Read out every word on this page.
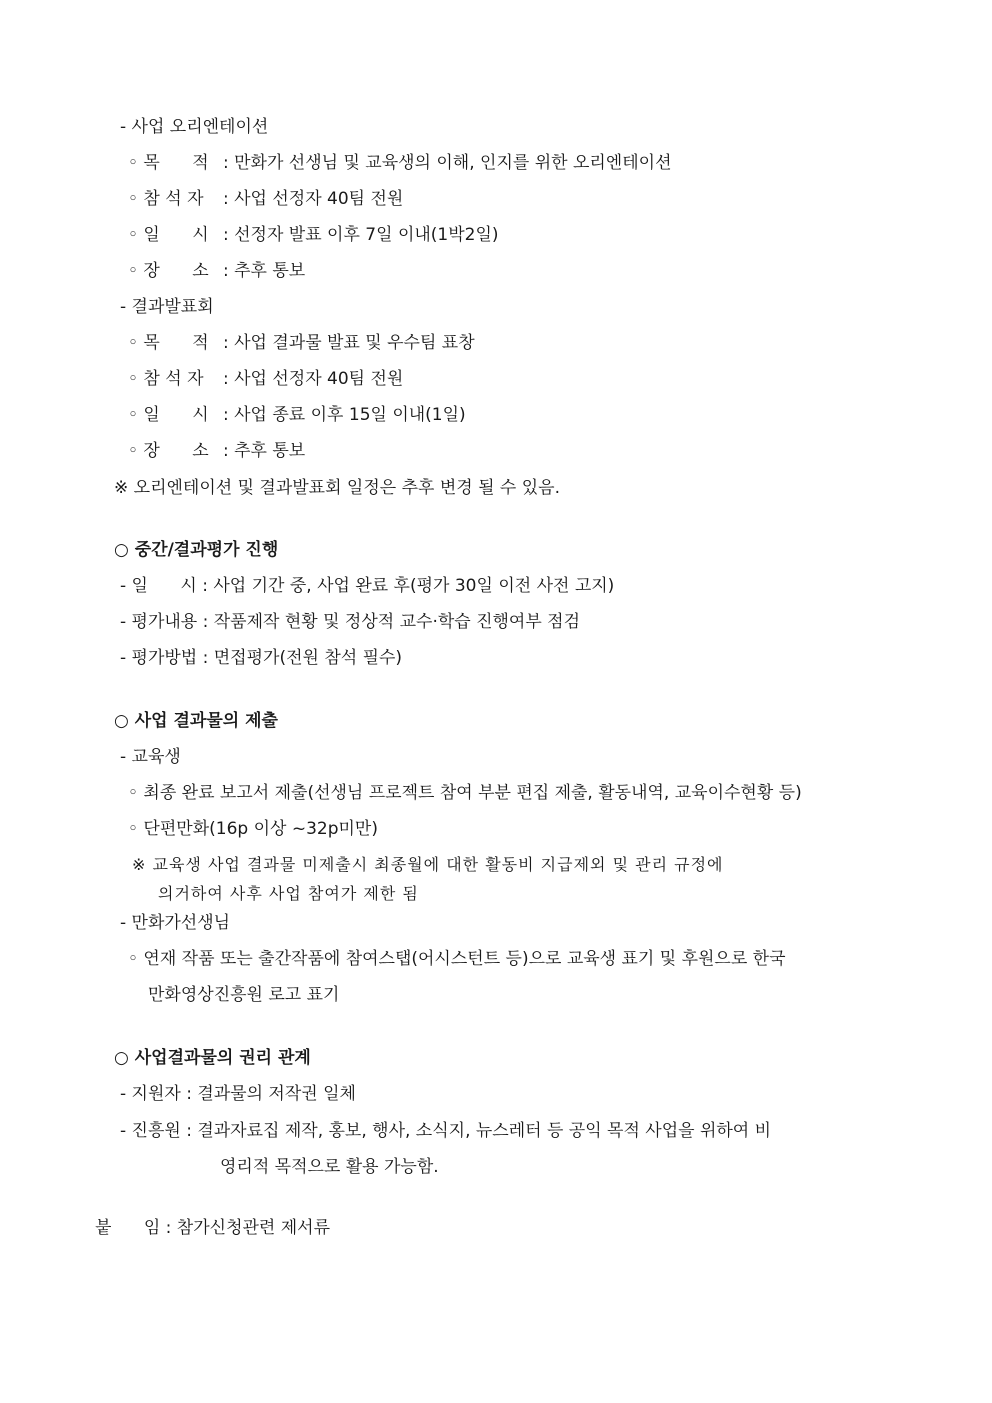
- 사업 오리엔테이션
◦ 목      적 : 만화가 선생님 및 교육생의 이해, 인지를 위한 오리엔테이션
◦ 참 석 자 : 사업 선정자 40팀 전원
◦ 일      시 : 선정자 발표 이후 7일 이내(1박2일)
◦ 장      소 : 추후 통보
- 결과발표회
◦ 목      적 : 사업 결과물 발표 및 우수팀 표창
◦ 참 석 자 : 사업 선정자 40팀 전원
◦ 일      시 : 사업 종료 이후 15일 이내(1일)
◦ 장      소 : 추후 통보
※ 오리엔테이션 및 결과발표회 일정은 추후 변경 될 수 있음.
○ 중간/결과평가 진행
- 일      시 : 사업 기간 중, 사업 완료 후(평가 30일 이전 사전 고지)
- 평가내용 : 작품제작 현황 및 정상적 교수·학습 진행여부 점검
- 평가방법 : 면접평가(전원 참석 필수)
○ 사업 결과물의 제출
- 교육생
◦ 최종 완료 보고서 제출(선생님 프로젝트 참여 부분 편집 제출, 활동내역, 교육이수현황 등)
◦ 단편만화(16p 이상 ~32p미만)
※ 교육생 사업 결과물 미제출시 최종월에 대한 활동비 지급제외 및 관리 규정에
의거하여 사후 사업 참여가 제한 됨
- 만화가선생님
◦ 연재 작품 또는 출간작품에 참여스탭(어시스턴트 등)으로 교육생 표기 및 후원으로 한국
만화영상진흥원 로고 표기
○ 사업결과물의 권리 관계
- 지원자 : 결과물의 저작권 일체
- 진흥원 : 결과자료집 제작, 홍보, 행사, 소식지, 뉴스레터 등 공익 목적 사업을 위하여 비
영리적 목적으로 활용 가능함.
붙      임 : 참가신청관련 제서류
